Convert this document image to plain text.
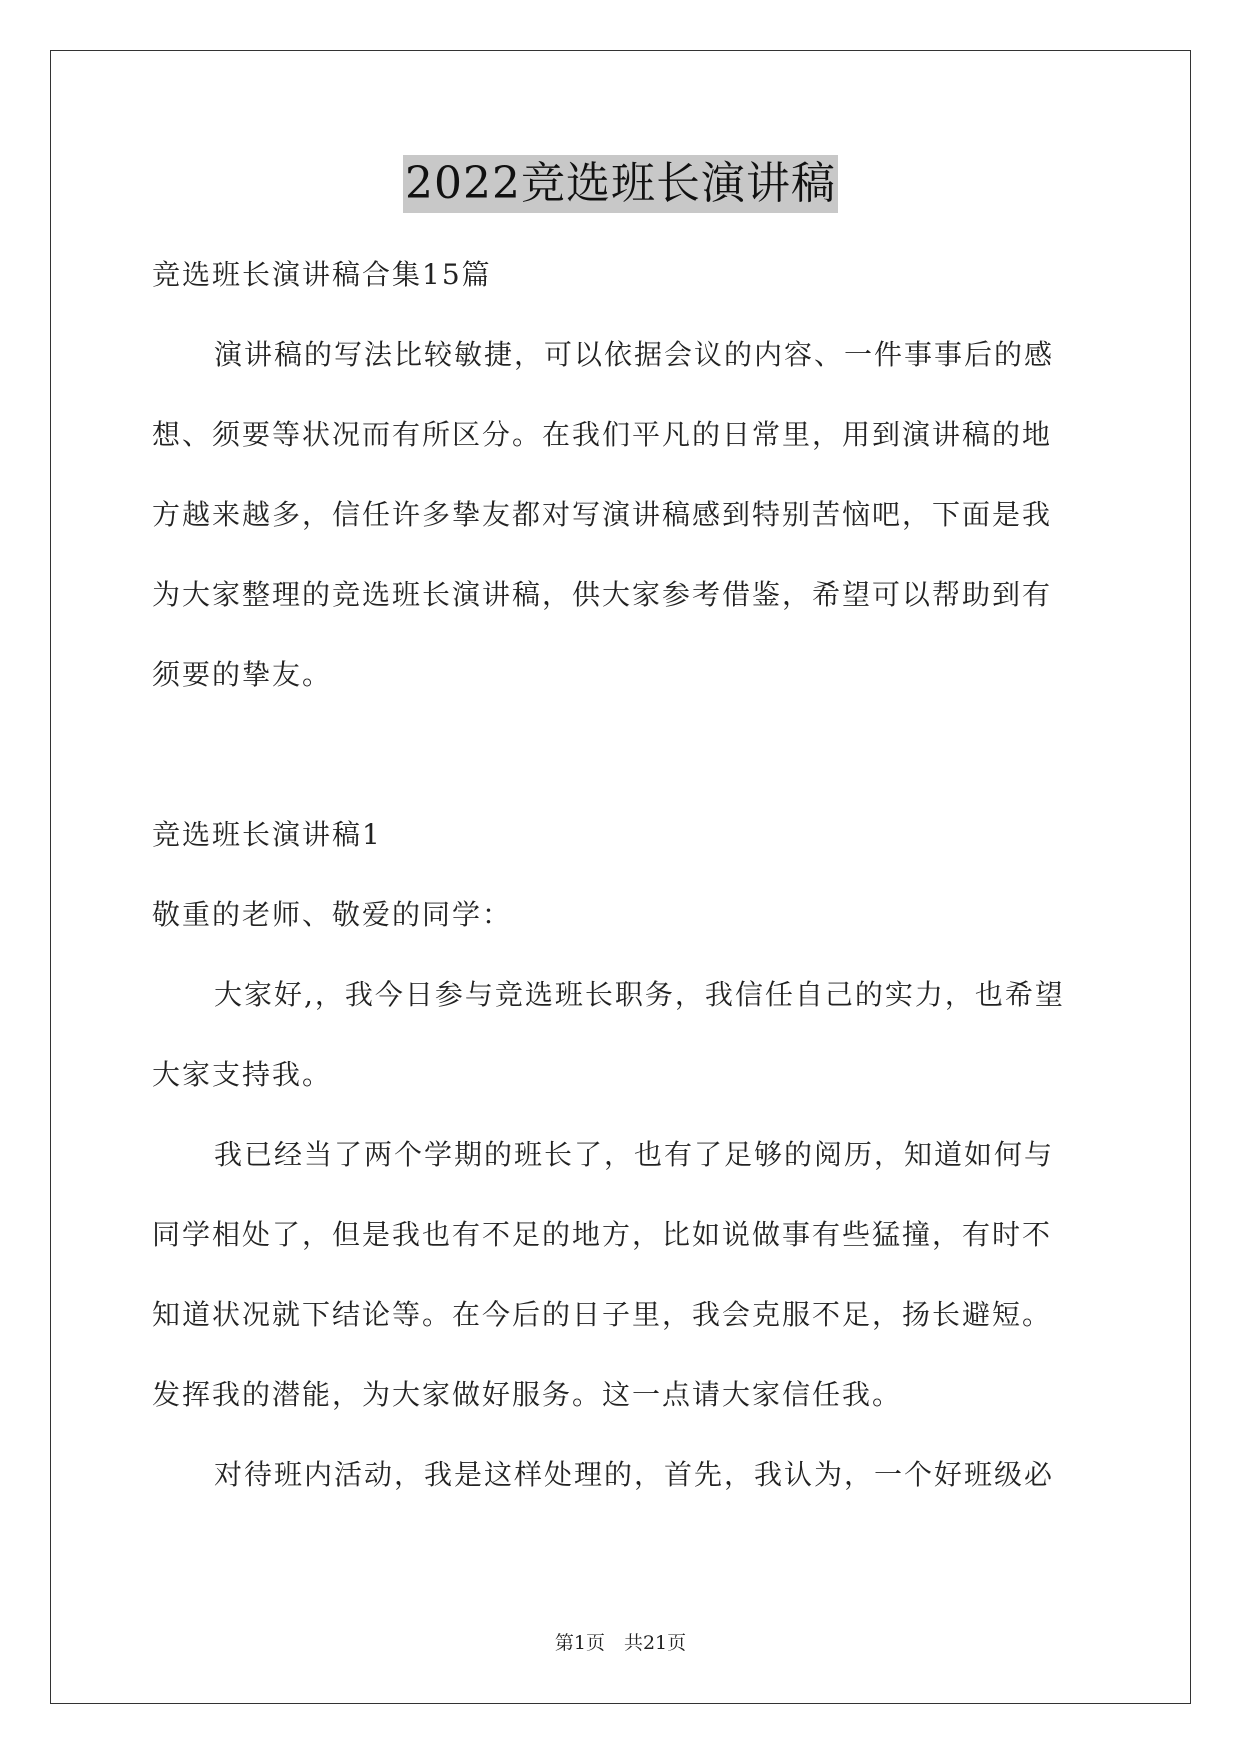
2022竞选班长演讲稿
竞选班长演讲稿合集15篇
演讲稿的写法比较敏捷，可以依据会议的内容、一件事事后的感
想、须要等状况而有所区分。在我们平凡的日常里，用到演讲稿的地
方越来越多，信任许多挚友都对写演讲稿感到特别苦恼吧，下面是我
为大家整理的竞选班长演讲稿，供大家参考借鉴，希望可以帮助到有
须要的挚友。
竞选班长演讲稿1
敬重的老师、敬爱的同学：
大家好,，我今日参与竞选班长职务，我信任自己的实力，也希望
大家支持我。
我已经当了两个学期的班长了，也有了足够的阅历，知道如何与
同学相处了，但是我也有不足的地方，比如说做事有些猛撞，有时不
知道状况就下结论等。在今后的日子里，我会克服不足，扬长避短。
发挥我的潜能，为大家做好服务。这一点请大家信任我。
对待班内活动，我是这样处理的，首先，我认为，一个好班级必
第1页　共21页
